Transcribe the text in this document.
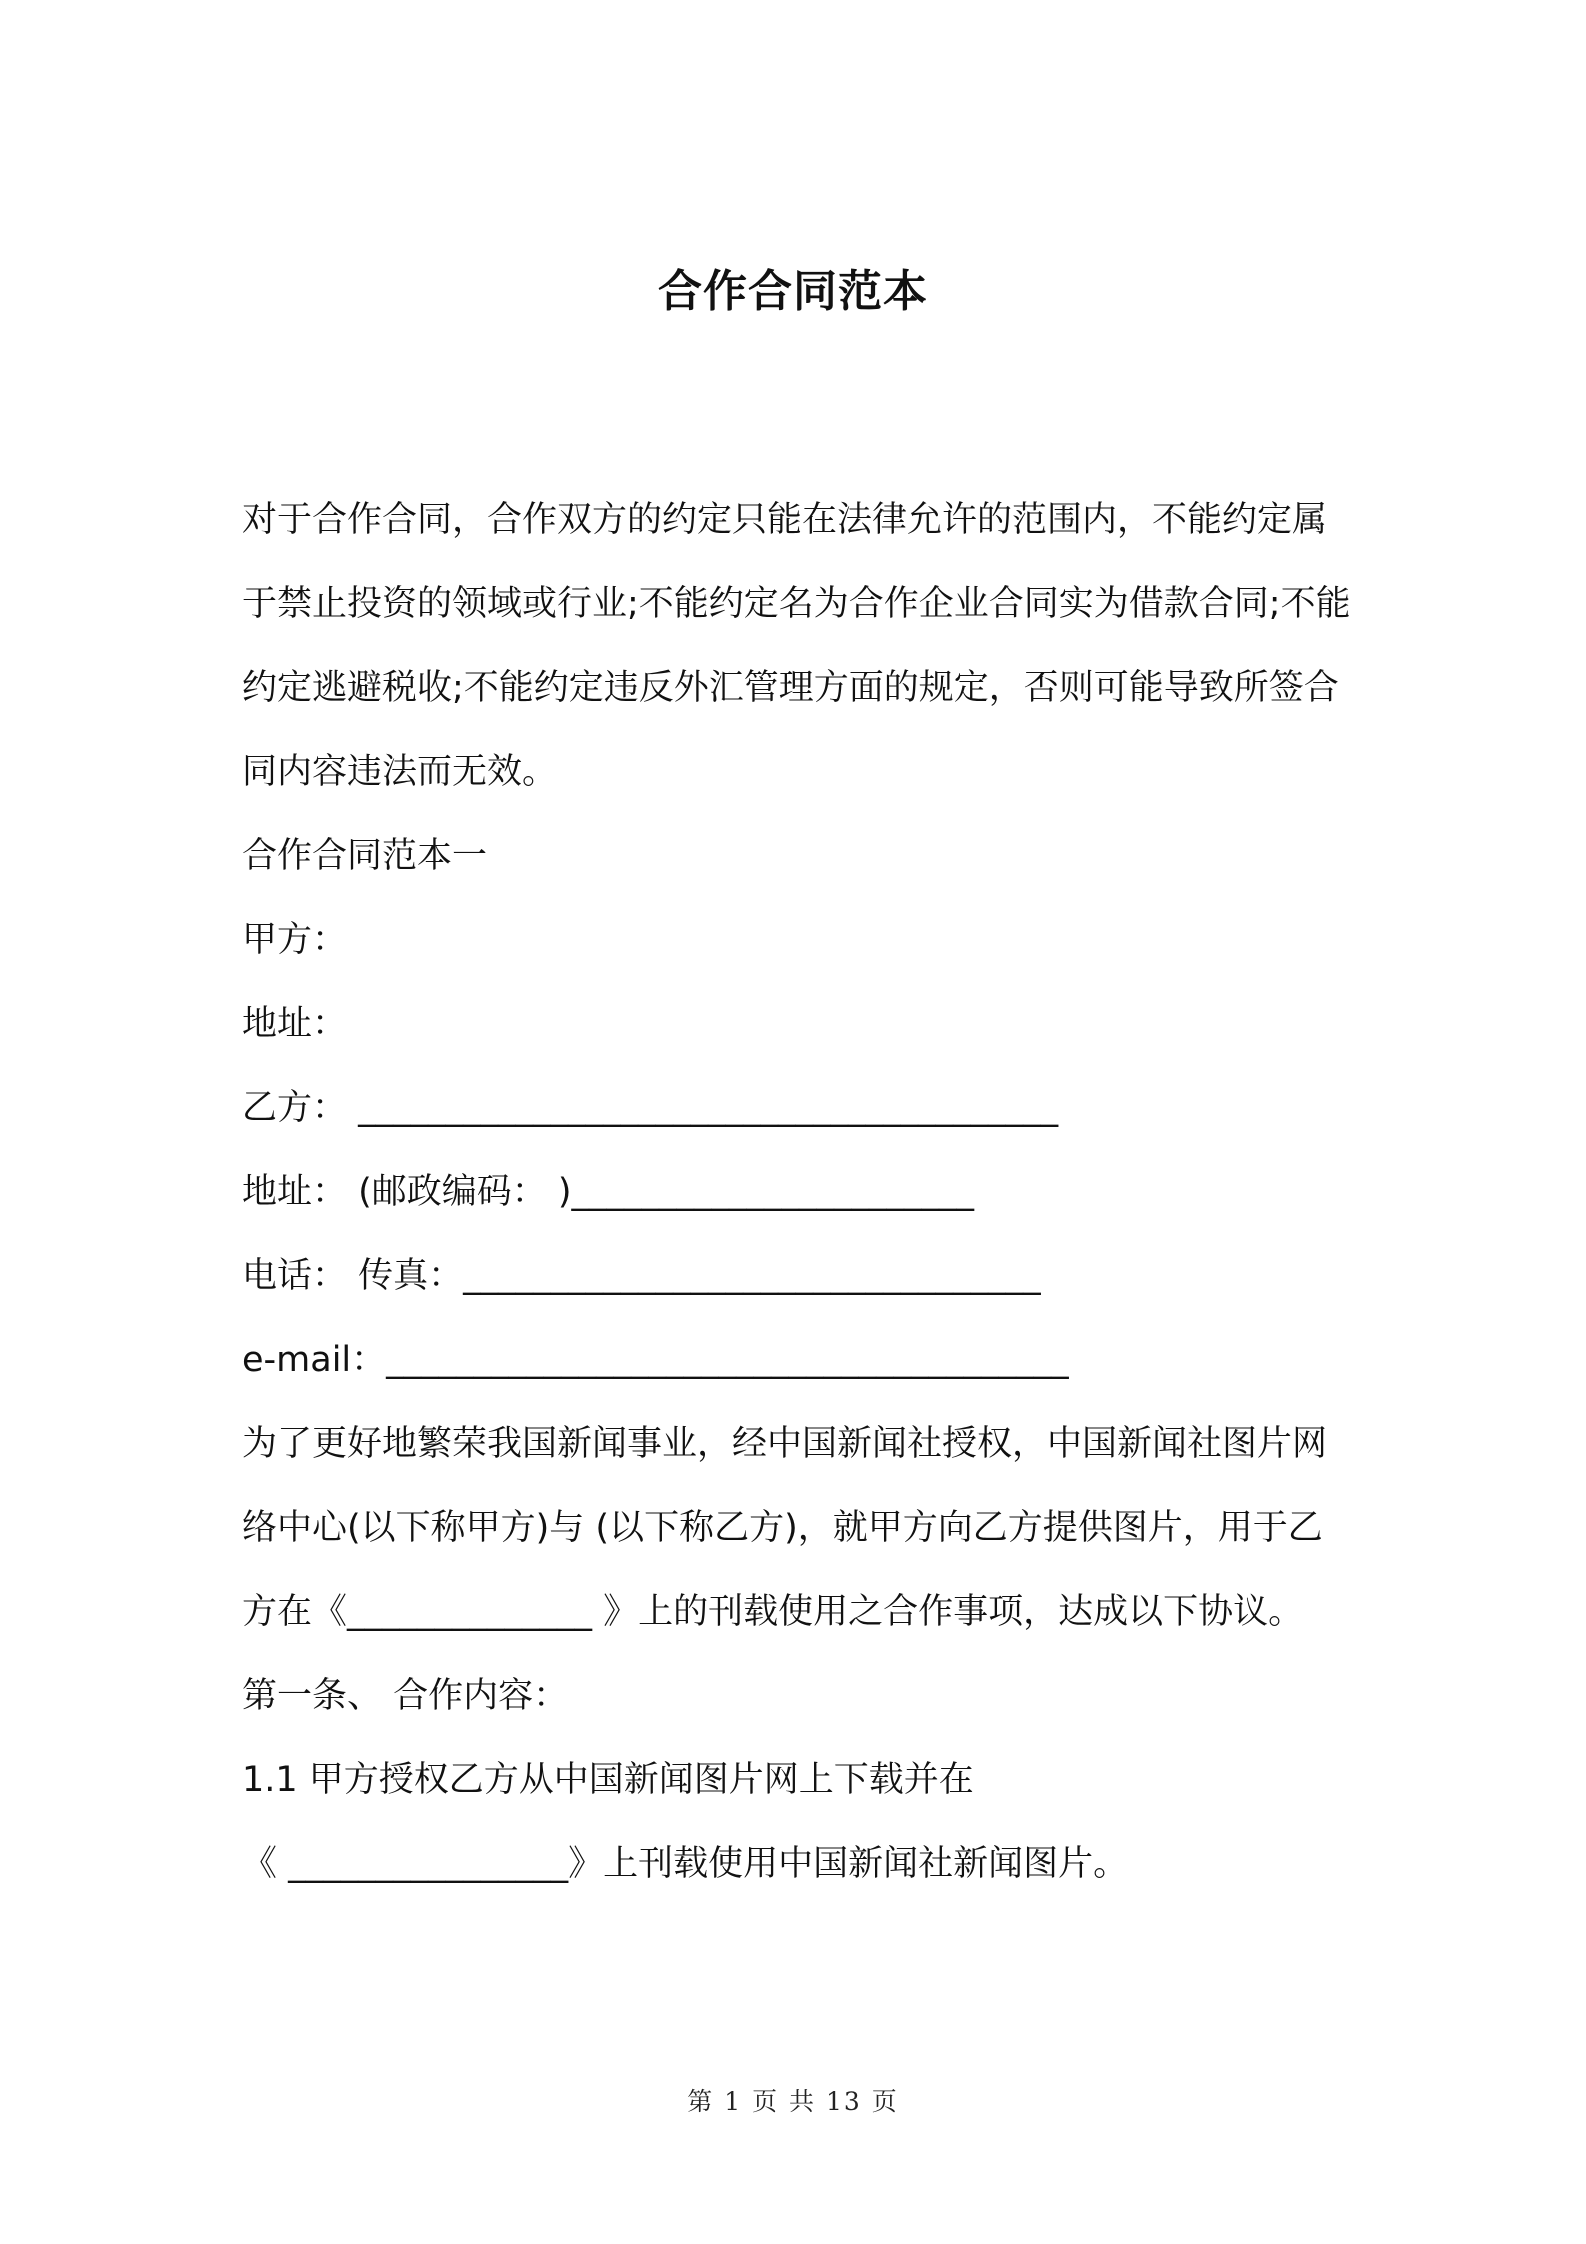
合作合同范本

对于合作合同，合作双方的约定只能在法律允许的范围内，不能约定属于禁止投资的领域或行业;不能约定名为合作企业合同实为借款合同;不能约定逃避税收;不能约定违反外汇管理方面的规定，否则可能导致所签合同内容违法而无效。

合作合同范本一

甲方：

地址：

乙方： ________________________________________

地址： (邮政编码： )_______________________

电话： 传真：_________________________________

e-mail：_______________________________________

为了更好地繁荣我国新闻事业，经中国新闻社授权，中国新闻社图片网络中心(以下称甲方)与 (以下称乙方)，就甲方向乙方提供图片，用于乙方在《______________ 》上的刊载使用之合作事项，达成以下协议。

第一条、 合作内容：

1.1 甲方授权乙方从中国新闻图片网上下载并在

《 ________________》上刊载使用中国新闻社新闻图片。

第 1 页 共 13 页
